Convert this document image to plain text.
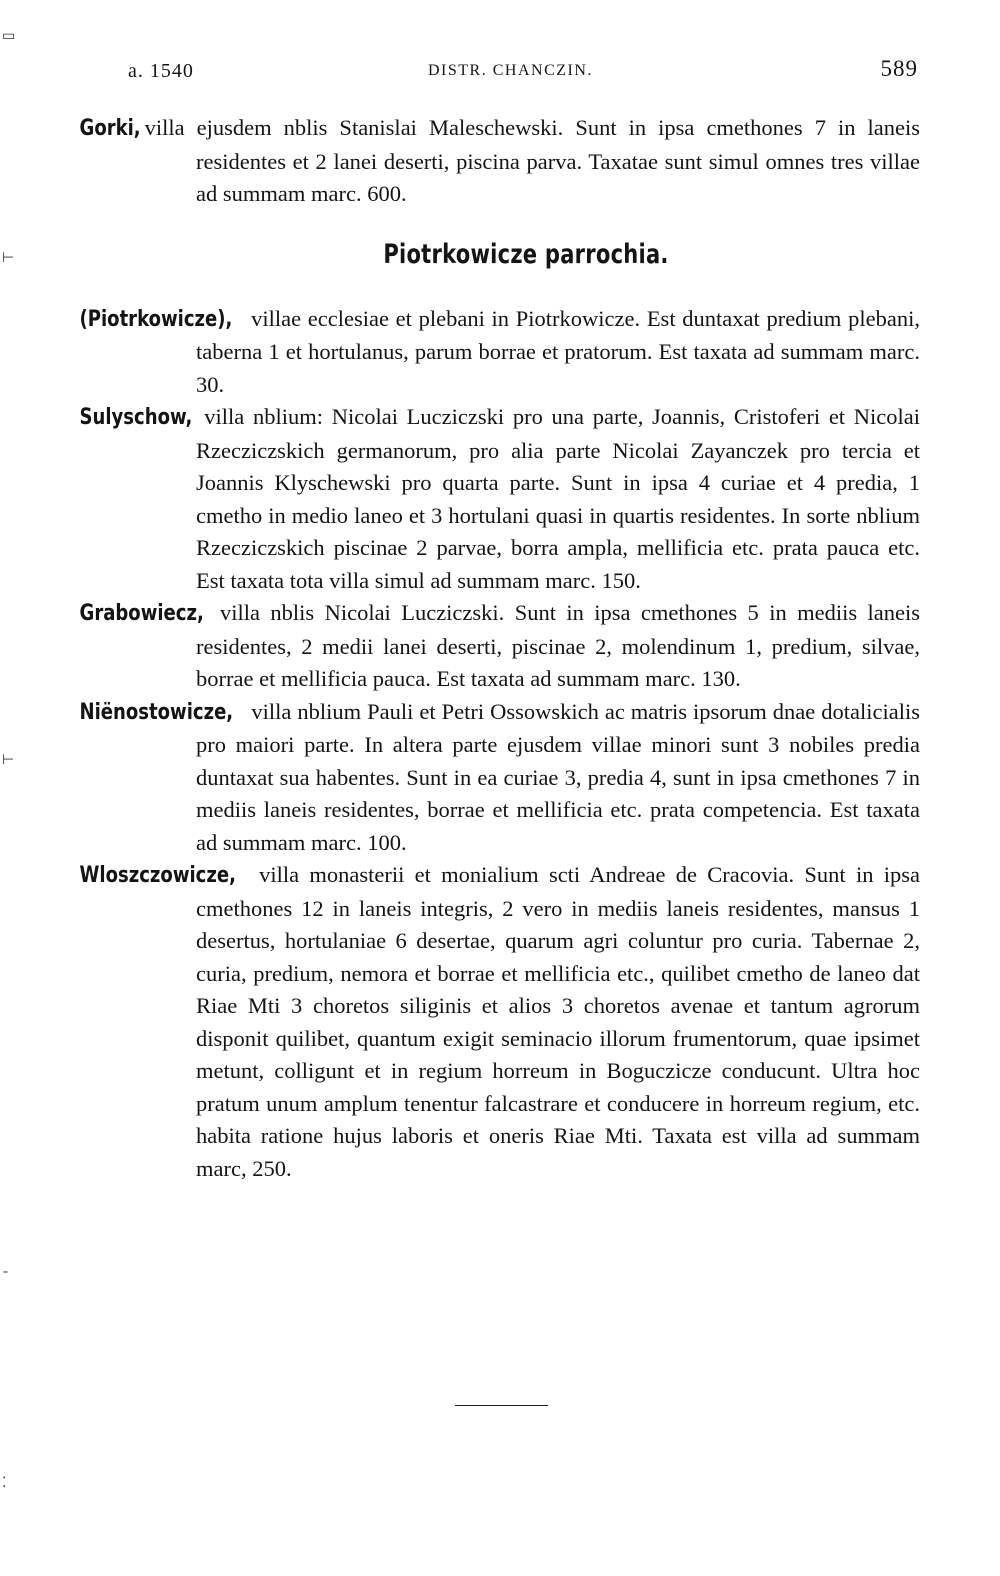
a. 1540	DISTR. CHANCZIN.	589

Gorki, villa ejusdem nblis Stanislai Maleschewski. Sunt in ipsa cmethones 7 in laneis residentes et 2 lanei deserti, piscina parva. Taxatae sunt simul omnes tres villae ad summam marc. 600.

Piotrkowicze parrochia.

(Piotrkowicze), villae ecclesiae et plebani in Piotrkowicze. Est duntaxat predium plebani, taberna 1 et hortulanus, parum borrae et pratorum. Est taxata ad summam marc. 30.

Sulyschow, villa nblium: Nicolai Lucziczski pro una parte, Joannis, Cristoferi et Nicolai Rzecziczskich germanorum, pro alia parte Nicolai Zayanczek pro tercia et Joannis Klyschewski pro quarta parte. Sunt in ipsa 4 curiae et 4 predia, 1 cmetho in medio laneo et 3 hortulani quasi in quartis residentes. In sorte nblium Rzecziczskich piscinae 2 parvae, borra ampla, mellificia etc. prata pauca etc. Est taxata tota villa simul ad summam marc. 150.

Grabowiecz, villa nblis Nicolai Lucziczski. Sunt in ipsa cmethones 5 in mediis laneis residentes, 2 medii lanei deserti, piscinae 2, molendinum 1, predium, silvae, borrae et mellificia pauca. Est taxata ad summam marc. 130.

Niënostowicze, villa nblium Pauli et Petri Ossowskich ac matris ipsorum dnae dotalicialis pro maiori parte. In altera parte ejusdem villae minori sunt 3 nobiles predia duntaxat sua habentes. Sunt in ea curiae 3, predia 4, sunt in ipsa cmethones 7 in mediis laneis residentes, borrae et mellificia etc. prata competencia. Est taxata ad summam marc. 100.

Wloszczowicze, villa monasterii et monialium scti Andreae de Cracovia. Sunt in ipsa cmethones 12 in laneis integris, 2 vero in mediis laneis residentes, mansus 1 desertus, hortulaniae 6 desertae, quarum agri coluntur pro curia. Tabernae 2, curia, predium, nemora et borrae et mellificia etc., quilibet cmetho de laneo dat Riae Mti 3 choretos siliginis et alios 3 choretos avenae et tantum agrorum disponit quilibet, quantum exigit seminacio illorum frumentorum, quae ipsimet metunt, colligunt et in regium horreum in Boguczicze conducunt. Ultra hoc pratum unum amplum tenentur falcastrare et conducere in horreum regium, etc. habita ratione hujus laboris et oneris Riae Mti. Taxata est villa ad summam marc, 250.

▭
⊢
⊢
ˉ
⁚
